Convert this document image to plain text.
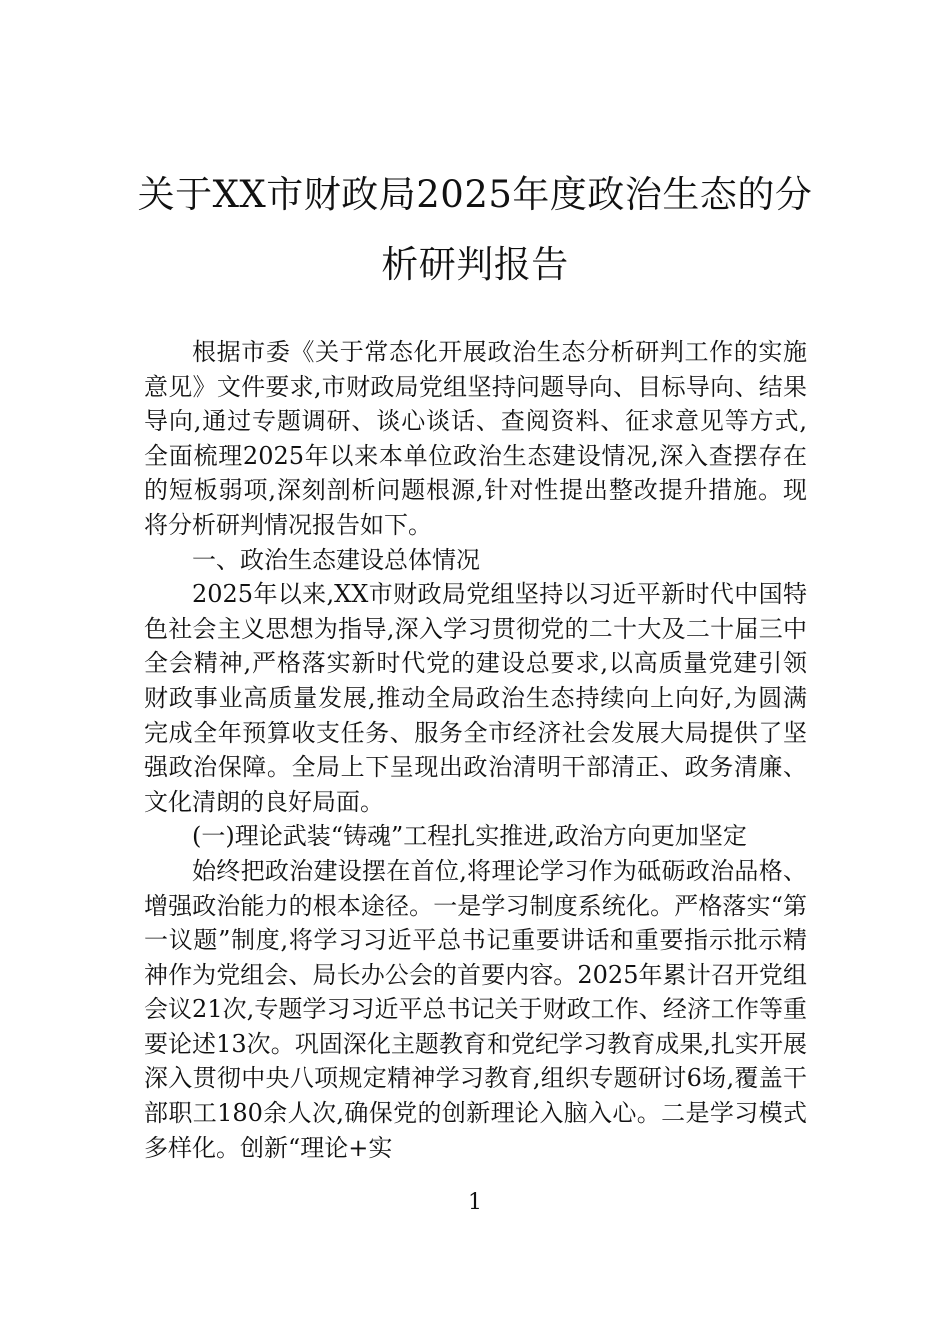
关于XX市财政局2025年度政治生态的分析研判报告

根据市委《关于常态化开展政治生态分析研判工作的实施意见》文件要求,市财政局党组坚持问题导向、目标导向、结果导向,通过专题调研、谈心谈话、查阅资料、征求意见等方式,全面梳理2025年以来本单位政治生态建设情况,深入查摆存在的短板弱项,深刻剖析问题根源,针对性提出整改提升措施。现将分析研判情况报告如下。

一、政治生态建设总体情况

2025年以来,XX市财政局党组坚持以习近平新时代中国特色社会主义思想为指导,深入学习贯彻党的二十大及二十届三中全会精神,严格落实新时代党的建设总要求,以高质量党建引领财政事业高质量发展,推动全局政治生态持续向上向好,为圆满完成全年预算收支任务、服务全市经济社会发展大局提供了坚强政治保障。全局上下呈现出政治清明干部清正、政务清廉、文化清朗的良好局面。

(一)理论武装“铸魂”工程扎实推进,政治方向更加坚定

始终把政治建设摆在首位,将理论学习作为砥砺政治品格、增强政治能力的根本途径。一是学习制度系统化。严格落实“第一议题”制度,将学习习近平总书记重要讲话和重要指示批示精神作为党组会、局长办公会的首要内容。2025年累计召开党组会议21次,专题学习习近平总书记关于财政工作、经济工作等重要论述13次。巩固深化主题教育和党纪学习教育成果,扎实开展深入贯彻中央八项规定精神学习教育,组织专题研讨6场,覆盖干部职工180余人次,确保党的创新理论入脑入心。二是学习模式多样化。创新“理论+实

1
